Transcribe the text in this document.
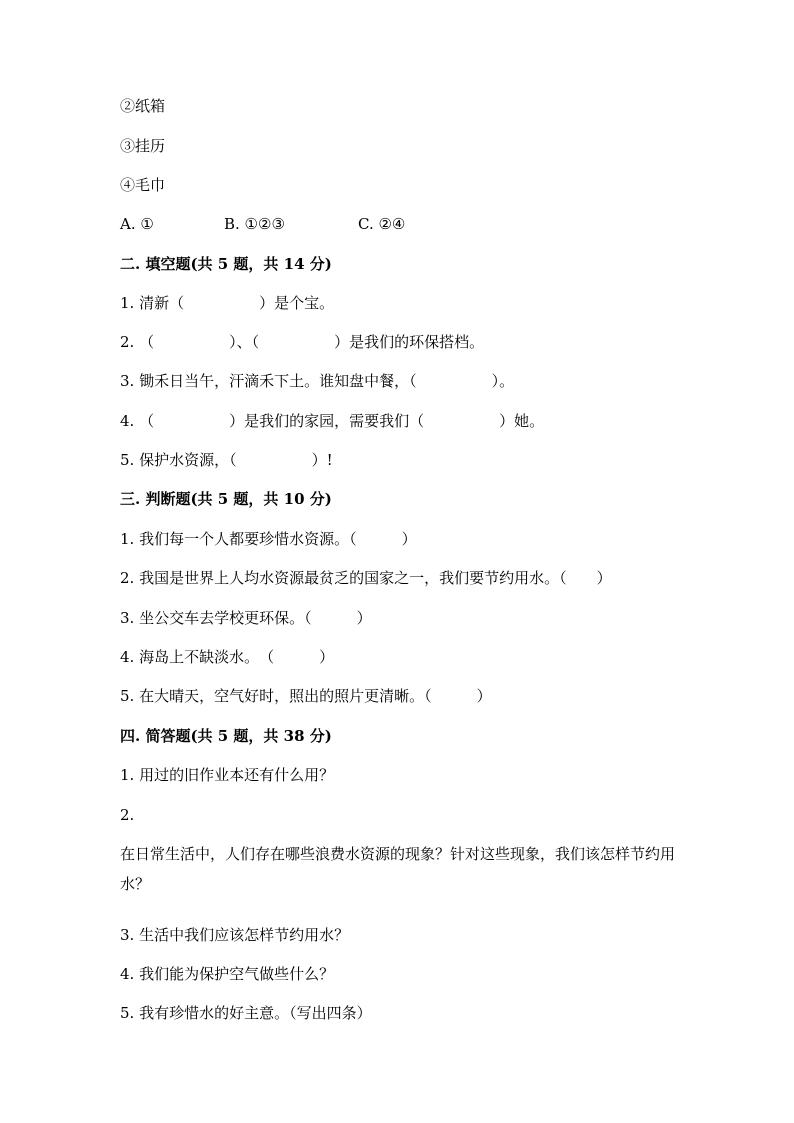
②纸箱
③挂历
④毛巾
A. ①	B. ①②③	C. ②④
二. 填空题(共 5 题，共 14 分)
1. 清新（　　　　　）是个宝。
2. （　　　　　）、（　　　　　）是我们的环保搭档。
3. 锄禾日当午，汗滴禾下土。谁知盘中餐，（　　　　　）。
4. （　　　　　）是我们的家园，需要我们（　　　　　）她。
5. 保护水资源，（　　　　　）!
三. 判断题(共 5 题，共 10 分)
1. 我们每一个人都要珍惜水资源。（　　　）
2. 我国是世界上人均水资源最贫乏的国家之一，我们要节约用水。（　　）
3. 坐公交车去学校更环保。（　　　）
4. 海岛上不缺淡水。　（　　　）
5. 在大晴天，空气好时，照出的照片更清晰。（　　　）
四. 简答题(共 5 题，共 38 分)
1. 用过的旧作业本还有什么用？
2.
在日常生活中，人们存在哪些浪费水资源的现象？针对这些现象，我们该怎样节约用水？
3. 生活中我们应该怎样节约用水？
4. 我们能为保护空气做些什么？
5. 我有珍惜水的好主意。（写出四条）
